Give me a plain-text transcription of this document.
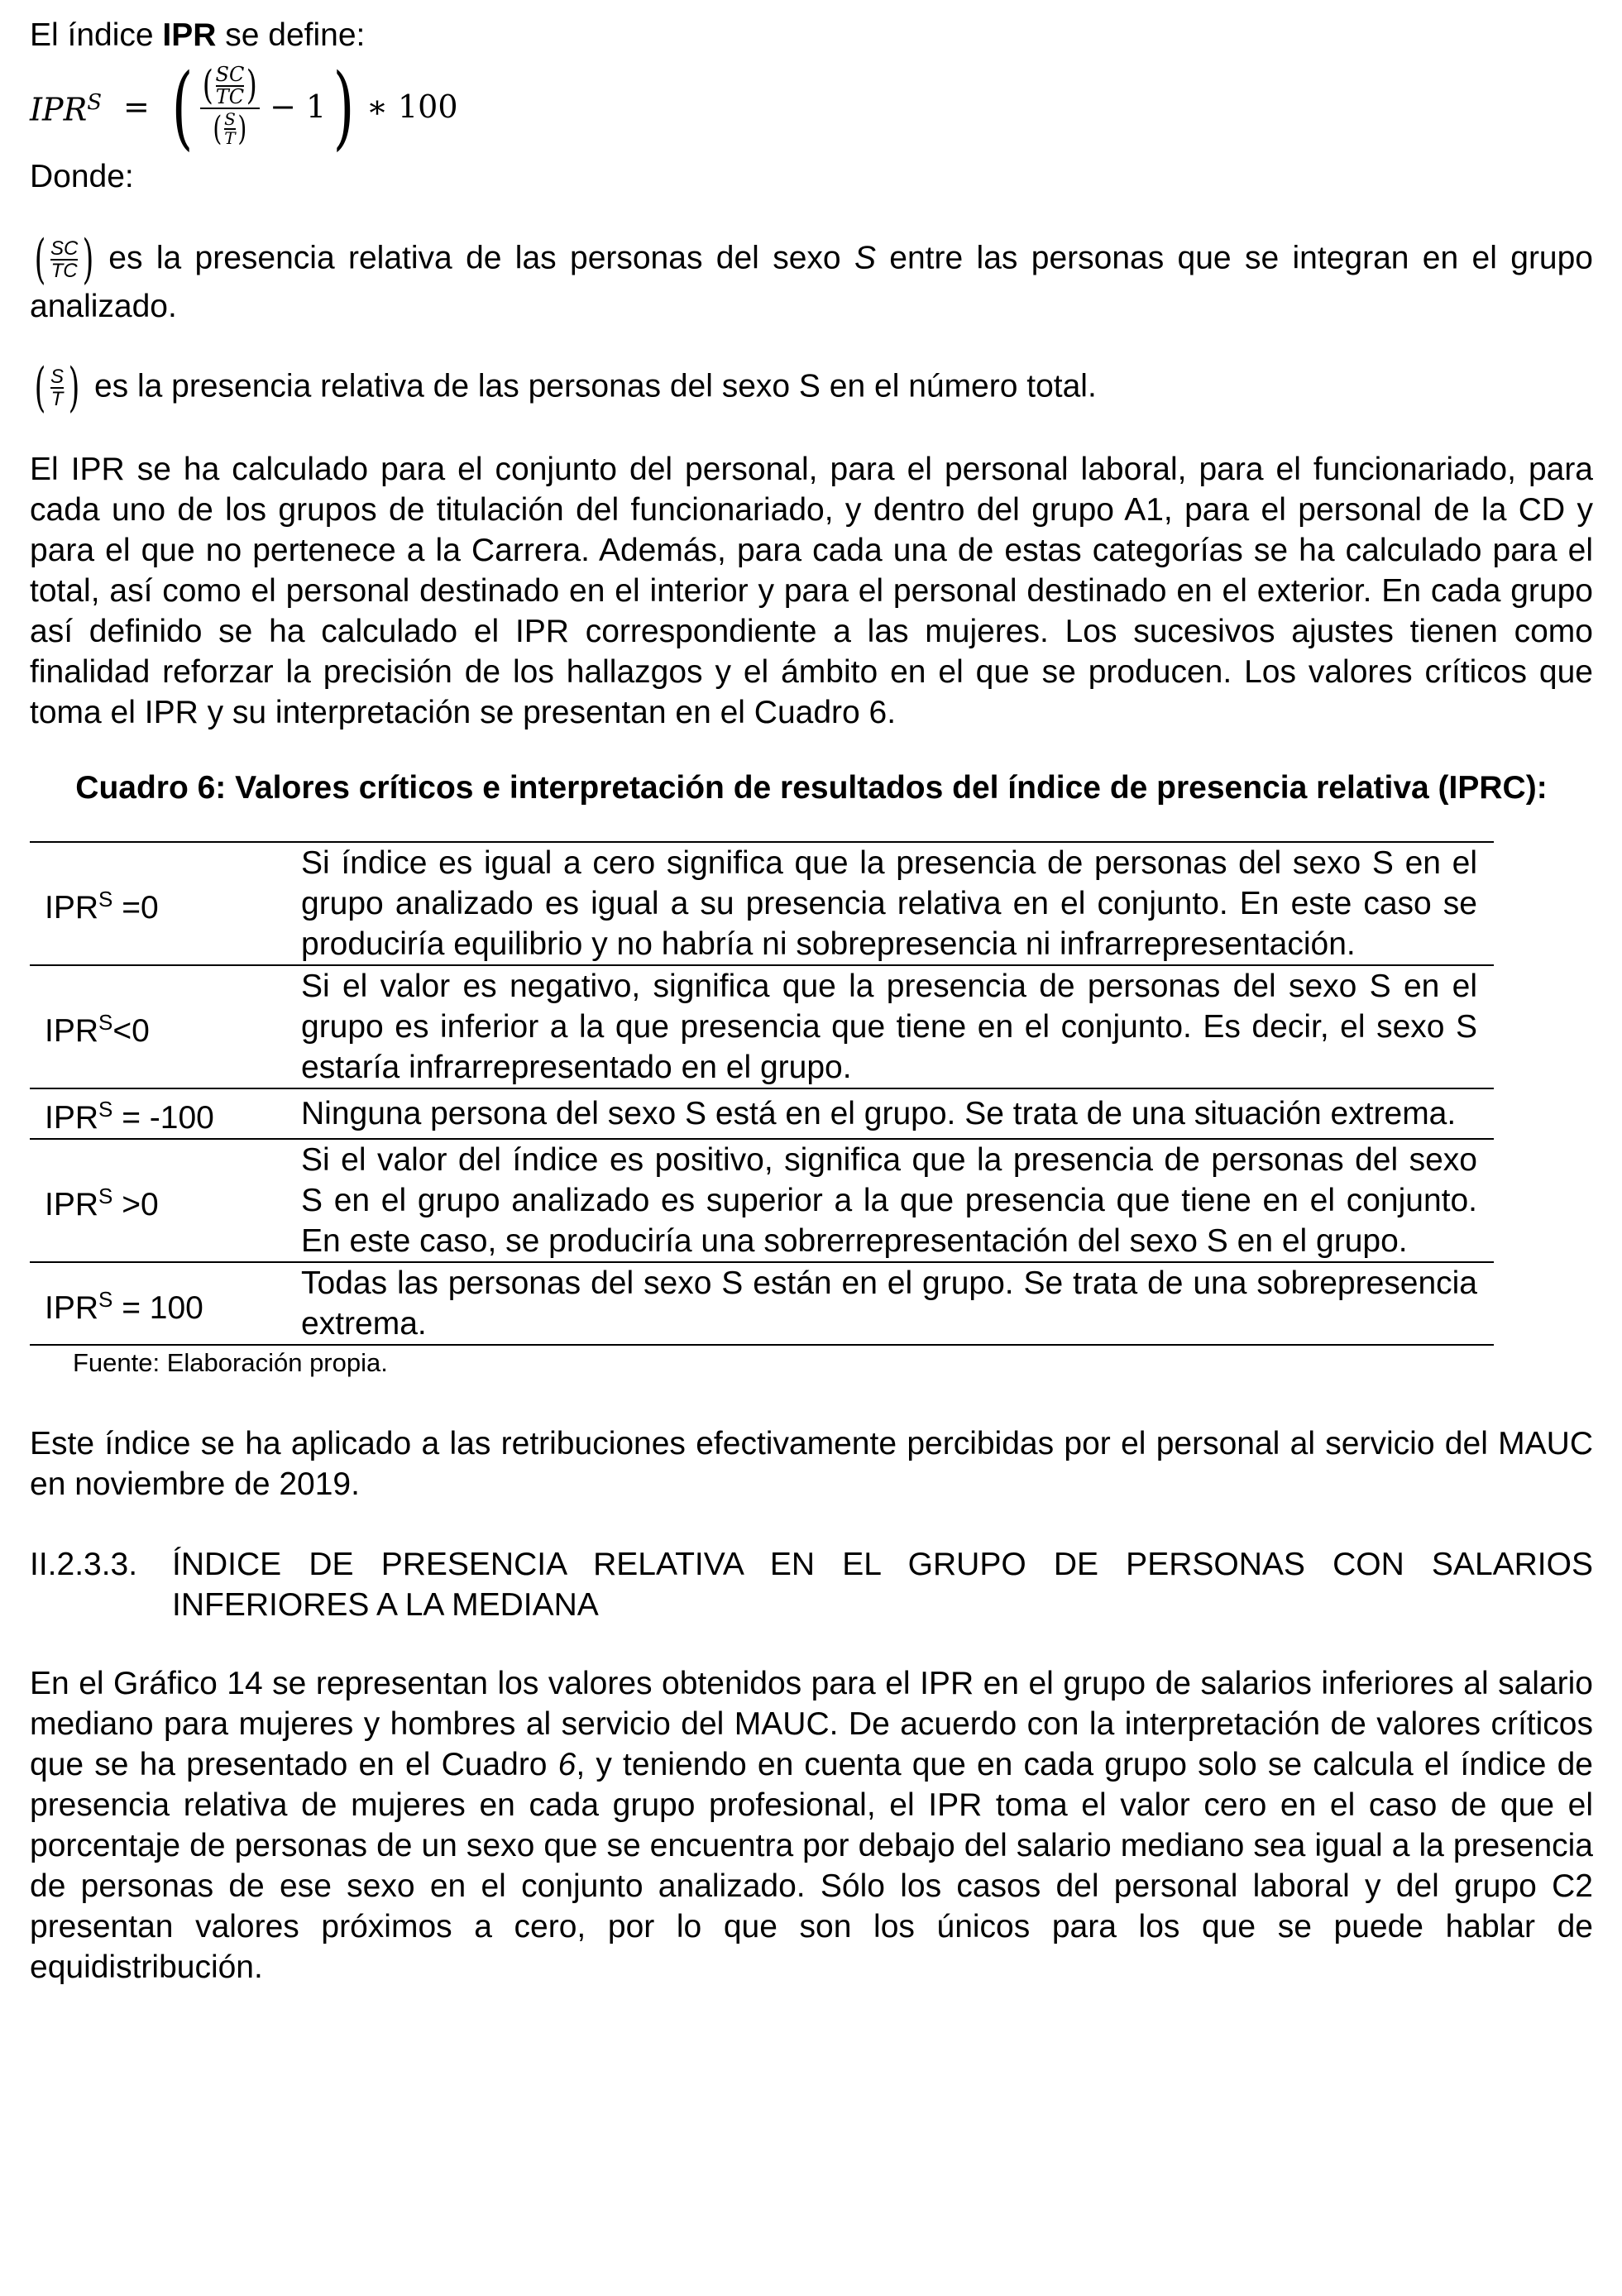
El índice IPR se define:

$IPR^S$ = ( ( $\frac{SC}{TC}$ )
( $\frac{S}{T}$ )
− 1 ) ∗ 100

Donde:

( $\frac{SC}{TC}$ ) es la presencia relativa de las personas del sexo S entre las personas que se integran en el grupo analizado.

( $\frac{S}{T}$ ) es la presencia relativa de las personas del sexo S en el número total.

El IPR se ha calculado para el conjunto del personal, para el personal laboral, para el funcionariado, para cada uno de los grupos de titulación del funcionariado, y dentro del grupo A1, para el personal de la CD y para el que no pertenece a la Carrera. Además, para cada una de estas categorías se ha calculado para el total, así como el personal destinado en el interior y para el personal destinado en el exterior. En cada grupo así definido se ha calculado el IPR correspondiente a las mujeres. Los sucesivos ajustes tienen como finalidad reforzar la precisión de los hallazgos y el ámbito en el que se producen. Los valores críticos que toma el IPR y su interpretación se presentan en el Cuadro 6.

Cuadro 6: Valores críticos e interpretación de resultados del índice de presencia relativa (IPRC):

$IPR^S =0$	Si índice es igual a cero significa que la presencia de personas del sexo S en el grupo analizado es igual a su presencia relativa en el conjunto. En este caso se produciría equilibrio y no habría ni sobrepresencia ni infrarrepresentación.
$IPR^S<0$	Si el valor es negativo, significa que la presencia de personas del sexo S en el grupo es inferior a la que presencia que tiene en el conjunto. Es decir, el sexo S estaría infrarrepresentado en el grupo.
$IPR^S = -100$	Ninguna persona del sexo S está en el grupo. Se trata de una situación extrema.
$IPR^S >0$	Si el valor del índice es positivo, significa que la presencia de personas del sexo S en el grupo analizado es superior a la que presencia que tiene en el conjunto. En este caso, se produciría una sobrerrepresentación del sexo S en el grupo.
$IPR^S = 100$	Todas las personas del sexo S están en el grupo. Se trata de una sobrepresencia extrema.

Fuente: Elaboración propia.

Este índice se ha aplicado a las retribuciones efectivamente percibidas por el personal al servicio del MAUC en noviembre de 2019.

II.2.3.3.	ÍNDICE DE PRESENCIA RELATIVA EN EL GRUPO DE PERSONAS CON SALARIOS INFERIORES A LA MEDIANA

En el Gráfico 14 se representan los valores obtenidos para el IPR en el grupo de salarios inferiores al salario mediano para mujeres y hombres al servicio del MAUC. De acuerdo con la interpretación de valores críticos que se ha presentado en el Cuadro 6, y teniendo en cuenta que en cada grupo solo se calcula el índice de presencia relativa de mujeres en cada grupo profesional, el IPR toma el valor cero en el caso de que el porcentaje de personas de un sexo que se encuentra por debajo del salario mediano sea igual a la presencia de personas de ese sexo en el conjunto analizado. Sólo los casos del personal laboral y del grupo C2 presentan valores próximos a cero, por lo que son los únicos para los que se puede hablar de equidistribución.
